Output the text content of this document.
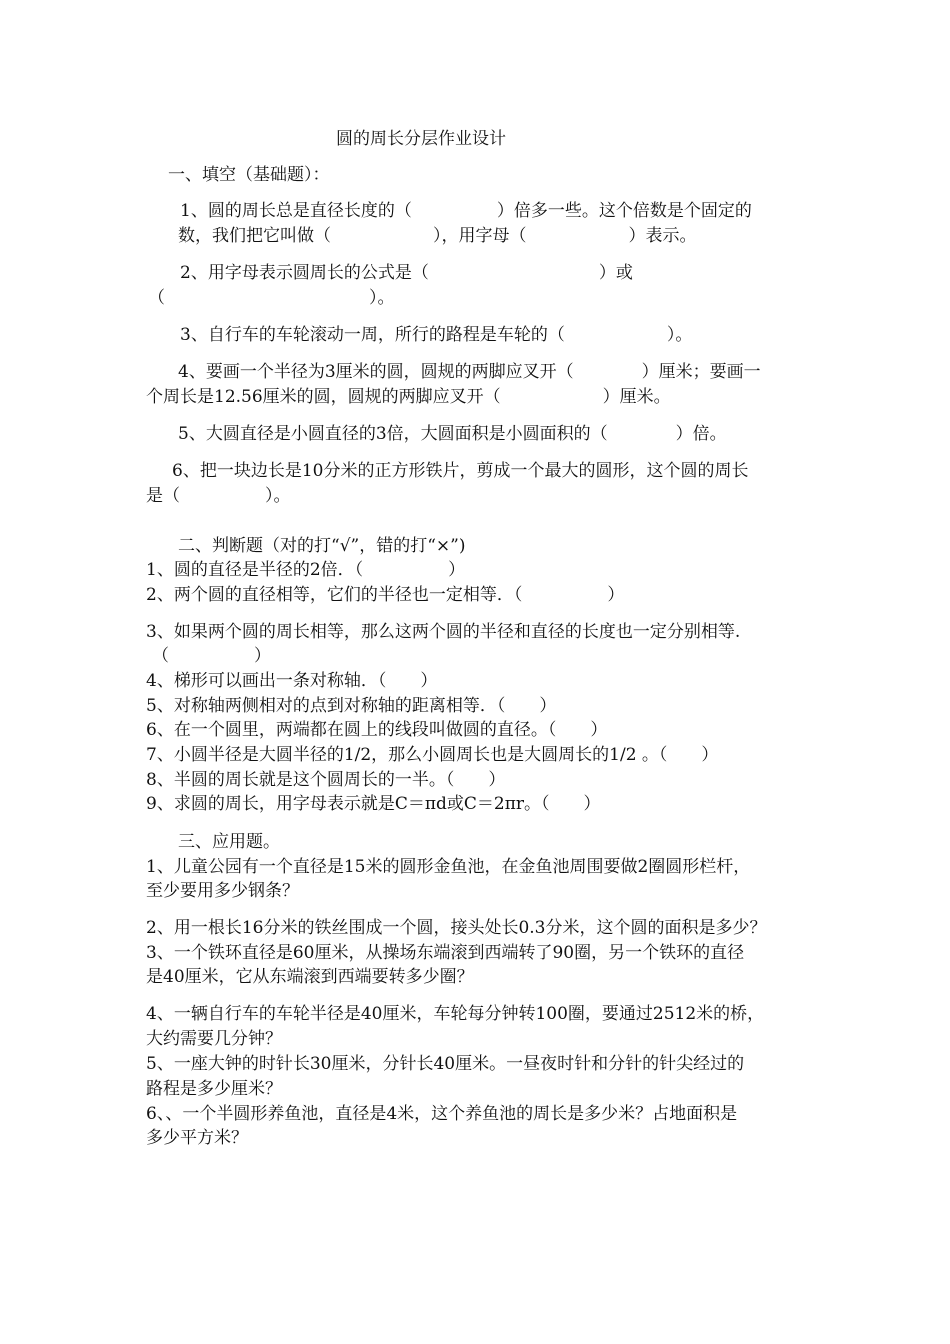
圆的周长分层作业设计
一、填空（基础题）：
1、圆的周长总是直径长度的（　　　　　）倍多一些。这个倍数是个固定的
数，我们把它叫做（　　　　　　），用字母（　　　　　　）表示。
2、用字母表示圆周长的公式是（　　　　　　　　　　）或
（　　　　　　　　　　　　）。
3、自行车的车轮滚动一周，所行的路程是车轮的（　　　　　　）。
4、要画一个半径为3厘米的圆，圆规的两脚应叉开（　　　　）厘米；要画一
个周长是12.56厘米的圆，圆规的两脚应叉开（　　　　　　）厘米。
5、大圆直径是小圆直径的3倍，大圆面积是小圆面积的（　　　　）倍。
6、把一块边长是10分米的正方形铁片，剪成一个最大的圆形，这个圆的周长
是（　　　　　）。
二、判断题（对的打“√”，错的打“×”)
1、圆的直径是半径的2倍．（　　　　　）
2、两个圆的直径相等，它们的半径也一定相等．（　　　　　）
3、如果两个圆的周长相等，那么这两个圆的半径和直径的长度也一定分别相等.
（　　　　　）
4、梯形可以画出一条对称轴．（　　）
5、对称轴两侧相对的点到对称轴的距离相等．（　　）
6、在一个圆里，两端都在圆上的线段叫做圆的直径。（　　）
7、小圆半径是大圆半径的1/2，那么小圆周长也是大圆周长的1/2 。（　　）
8、半圆的周长就是这个圆周长的一半。（　　）
9、求圆的周长，用字母表示就是C＝πd或C＝2πr。（　　）
三、应用题。
1、儿童公园有一个直径是15米的圆形金鱼池，在金鱼池周围要做2圈圆形栏杆，
至少要用多少钢条？
2、用一根长16分米的铁丝围成一个圆，接头处长0.3分米，这个圆的面积是多少？
3、一个铁环直径是60厘米，从操场东端滚到西端转了90圈，另一个铁环的直径
是40厘米，它从东端滚到西端要转多少圈？
4、一辆自行车的车轮半径是40厘米，车轮每分钟转100圈，要通过2512米的桥，
大约需要几分钟？
5、一座大钟的时针长30厘米，分针长40厘米。一昼夜时针和分针的针尖经过的
路程是多少厘米？
6、、一个半圆形养鱼池，直径是4米，这个养鱼池的周长是多少米？占地面积是
多少平方米？
